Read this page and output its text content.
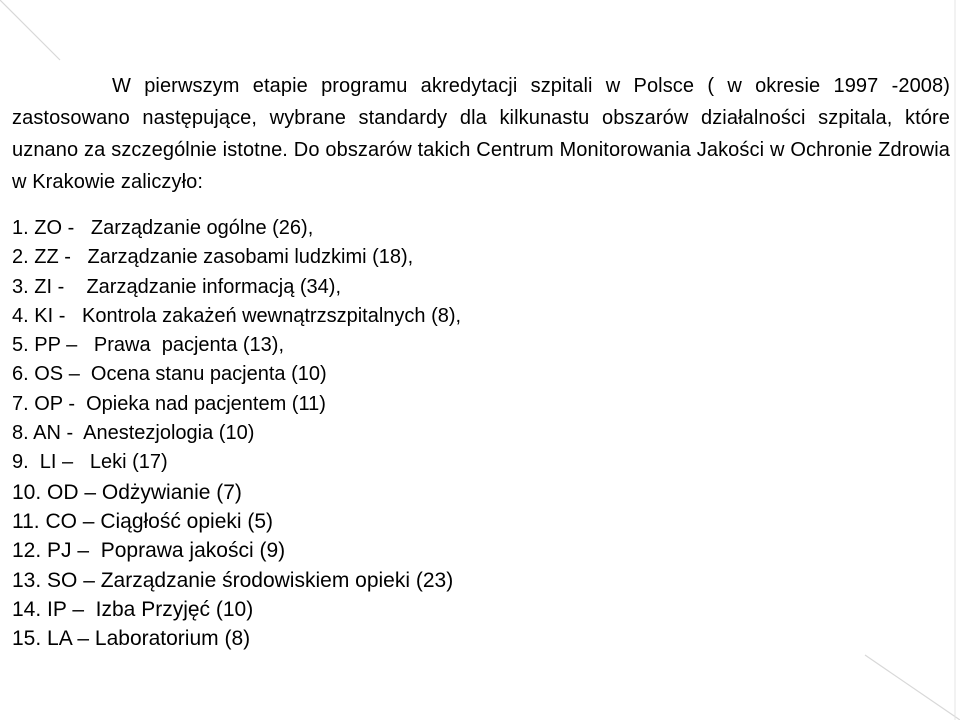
W pierwszym etapie programu akredytacji szpitali w Polsce ( w okresie 1997 -2008) zastosowano następujące, wybrane standardy dla kilkunastu obszarów działalności szpitala, które uznano za szczególnie istotne. Do obszarów takich Centrum Monitorowania Jakości w Ochronie Zdrowia w Krakowie zaliczyło:

1. ZO -   Zarządzanie ogólne (26),
2. ZZ -   Zarządzanie zasobami ludzkimi (18),
3. ZI -    Zarządzanie informacją (34),
4. KI -   Kontrola zakażeń wewnątrzszpitalnych (8),
5. PP –   Prawa  pacjenta (13),
6. OS –  Ocena stanu pacjenta (10)
7. OP -  Opieka nad pacjentem (11)
8. AN -  Anestezjologia (10)
9.  LI –   Leki (17)
10. OD – Odżywianie (7)
11. CO – Ciągłość opieki (5)
12. PJ –  Poprawa jakości (9)
13. SO – Zarządzanie środowiskiem opieki (23)
14. IP –  Izba Przyjęć (10)
15. LA – Laboratorium (8)
